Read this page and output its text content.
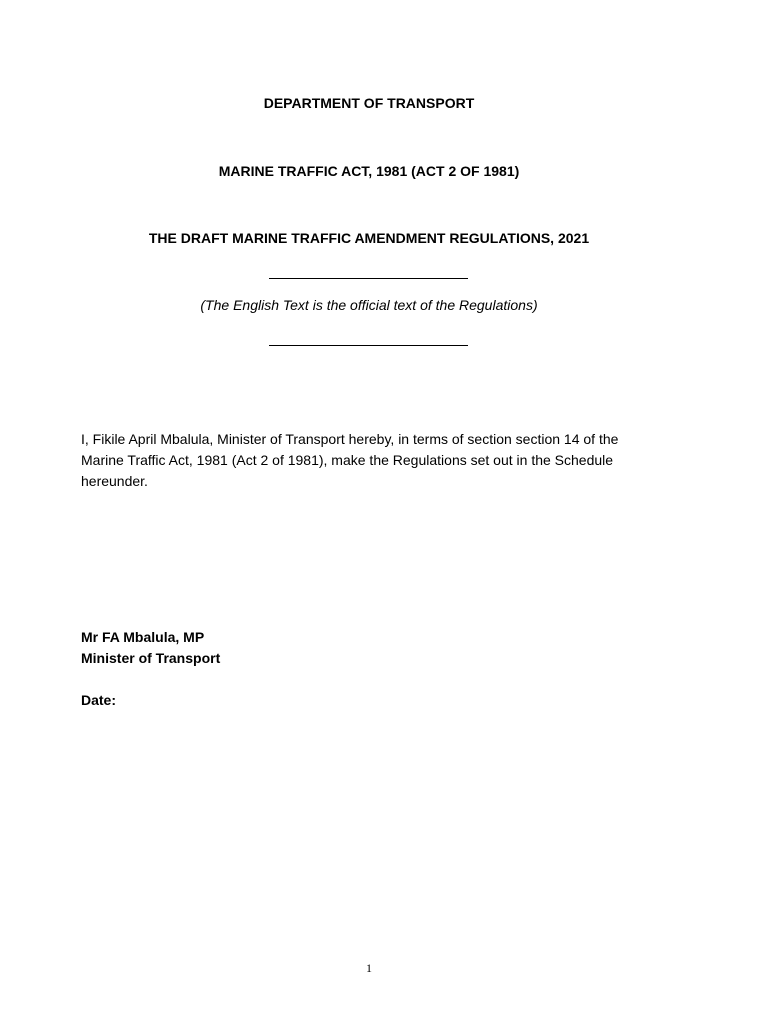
DEPARTMENT OF TRANSPORT
MARINE TRAFFIC ACT, 1981 (ACT 2 OF 1981)
THE DRAFT MARINE TRAFFIC AMENDMENT REGULATIONS, 2021
(The English Text is the official text of the Regulations)
I, Fikile April Mbalula, Minister of Transport hereby, in terms of section section 14 of the
Marine Traffic Act, 1981 (Act 2 of 1981), make the Regulations set out in the Schedule
hereunder.
Mr FA Mbalula, MP
Minister of Transport
Date:
1
